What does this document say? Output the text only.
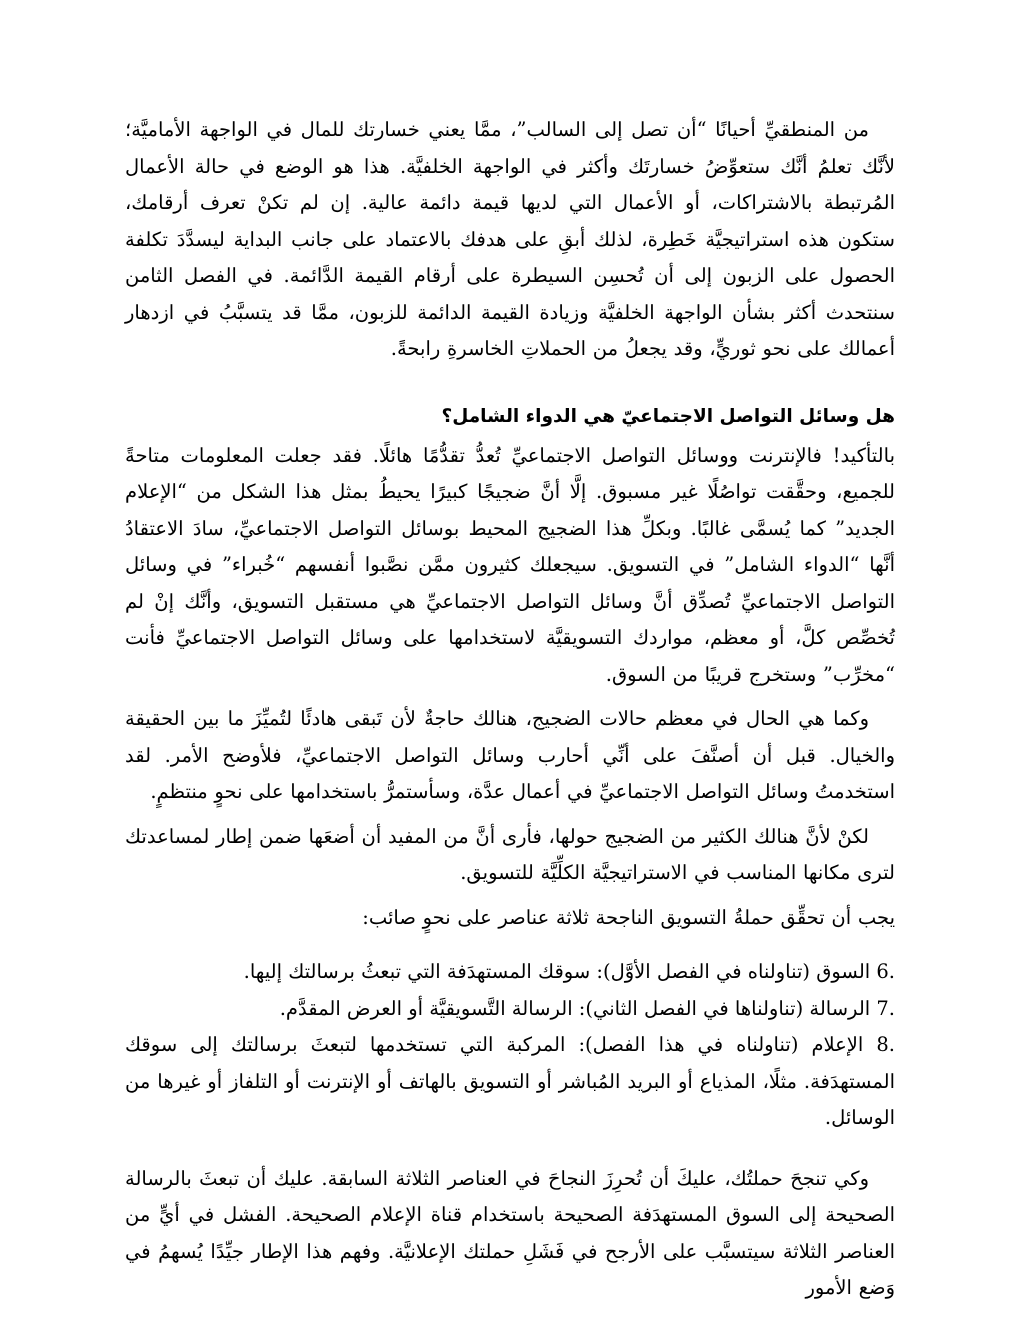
من المنطقيِّ أحيانًا “أن تصل إلى السالب”، ممَّا يعني خسارتك للمال في الواجهة الأماميَّة؛ لأنَّك تعلمُ أنَّك ستعوِّضُ خسارتَك وأكثر في الواجهة الخلفيَّة. هذا هو الوضع في حالة الأعمال المُرتبطة بالاشتراكات، أو الأعمال التي لديها قيمة دائمة عالية. إن لم تكنْ تعرف أرقامك، ستكون هذه استراتيجيَّة خَطِرة، لذلك أبقِ على هدفك بالاعتماد على جانب البداية ليسدَّدَ تكلفة الحصول على الزبون إلى أن تُحسِن السيطرة على أرقام القيمة الدَّائمة. في الفصل الثامن سنتحدث أكثر بشأن الواجهة الخلفيَّة وزيادة القيمة الدائمة للزبون، ممَّا قد يتسبَّبُ في ازدهار أعمالك على نحو ثوريٍّ، وقد يجعلُ من الحملاتِ الخاسرةِ رابحةً.

هل وسائل التواصل الاجتماعيّ هي الدواء الشامل؟

بالتأكيد! فالإنترنت ووسائل التواصل الاجتماعيِّ تُعدُّ تقدُّمًا هائلًا. فقد جعلت المعلومات متاحةً للجميع، وحقَّقت تواصُلًا غير مسبوق. إلَّا أنَّ ضجيجًا كبيرًا يحيطُ بمثل هذا الشكل من “الإعلام الجديد” كما يُسمَّى غالبًا. وبكلِّ هذا الضجيج المحيط بوسائل التواصل الاجتماعيِّ، سادَ الاعتقادُ أنَّها “الدواء الشامل” في التسويق. سيجعلك كثيرون ممَّن نصَّبوا أنفسهم “خُبراء” في وسائل التواصل الاجتماعيِّ تُصدِّق أنَّ وسائل التواصل الاجتماعيِّ هي مستقبل التسويق، وأنَّك إنْ لم تُخصِّص كلَّ، أو معظم، مواردك التسويقيَّة لاستخدامها على وسائل التواصل الاجتماعيِّ فأنت “مخرِّب” وستخرج قريبًا من السوق.

وكما هي الحال في معظم حالات الضجيج، هنالك حاجةٌ لأن تَبقى هادئًا لتُميِّزَ ما بين الحقيقة والخيال. قبل أن أصنَّفَ على أنِّي أحارب وسائل التواصل الاجتماعيِّ، فلأوضح الأمر. لقد استخدمتُ وسائل التواصل الاجتماعيِّ في أعمال عدَّة، وسأستمرُّ باستخدامها على نحوٍ منتظمٍ.

لكنْ لأنَّ هنالك الكثير من الضجيج حولها، فأرى أنَّ من المفيد أن أضعَها ضمن إطار لمساعدتك لترى مكانها المناسب في الاستراتيجيَّة الكلِّيَّة للتسويق.

يجب أن تحقِّق حملةُ التسويق الناجحة ثلاثة عناصر على نحوٍ صائب:

6. السوق (تناولناه في الفصل الأوَّل): سوقك المستهدَفة التي تبعثُ برسالتك إليها.
7. الرسالة (تناولناها في الفصل الثاني): الرسالة التَّسويقيَّة أو العرض المقدَّم.
8. الإعلام (تناولناه في هذا الفصل): المركبة التي تستخدمها لتبعثَ برسالتك إلى سوقك المستهدَفة. مثلًا، المذياع أو البريد المُباشر أو التسويق بالهاتف أو الإنترنت أو التلفاز أو غيرها من الوسائل.

وكي تنجحَ حملتُك، عليكَ أن تُحرِزَ النجاحَ في العناصر الثلاثة السابقة. عليك أن تبعثَ بالرسالة الصحيحة إلى السوق المستهدَفة الصحيحة باستخدام قناة الإعلام الصحيحة. الفشل في أيٍّ من العناصر الثلاثة سيتسبَّب على الأرجح في فَشَلِ حملتك الإعلانيَّة. وفهم هذا الإطار جيِّدًا يُسهمُ في وَضع الأمور
